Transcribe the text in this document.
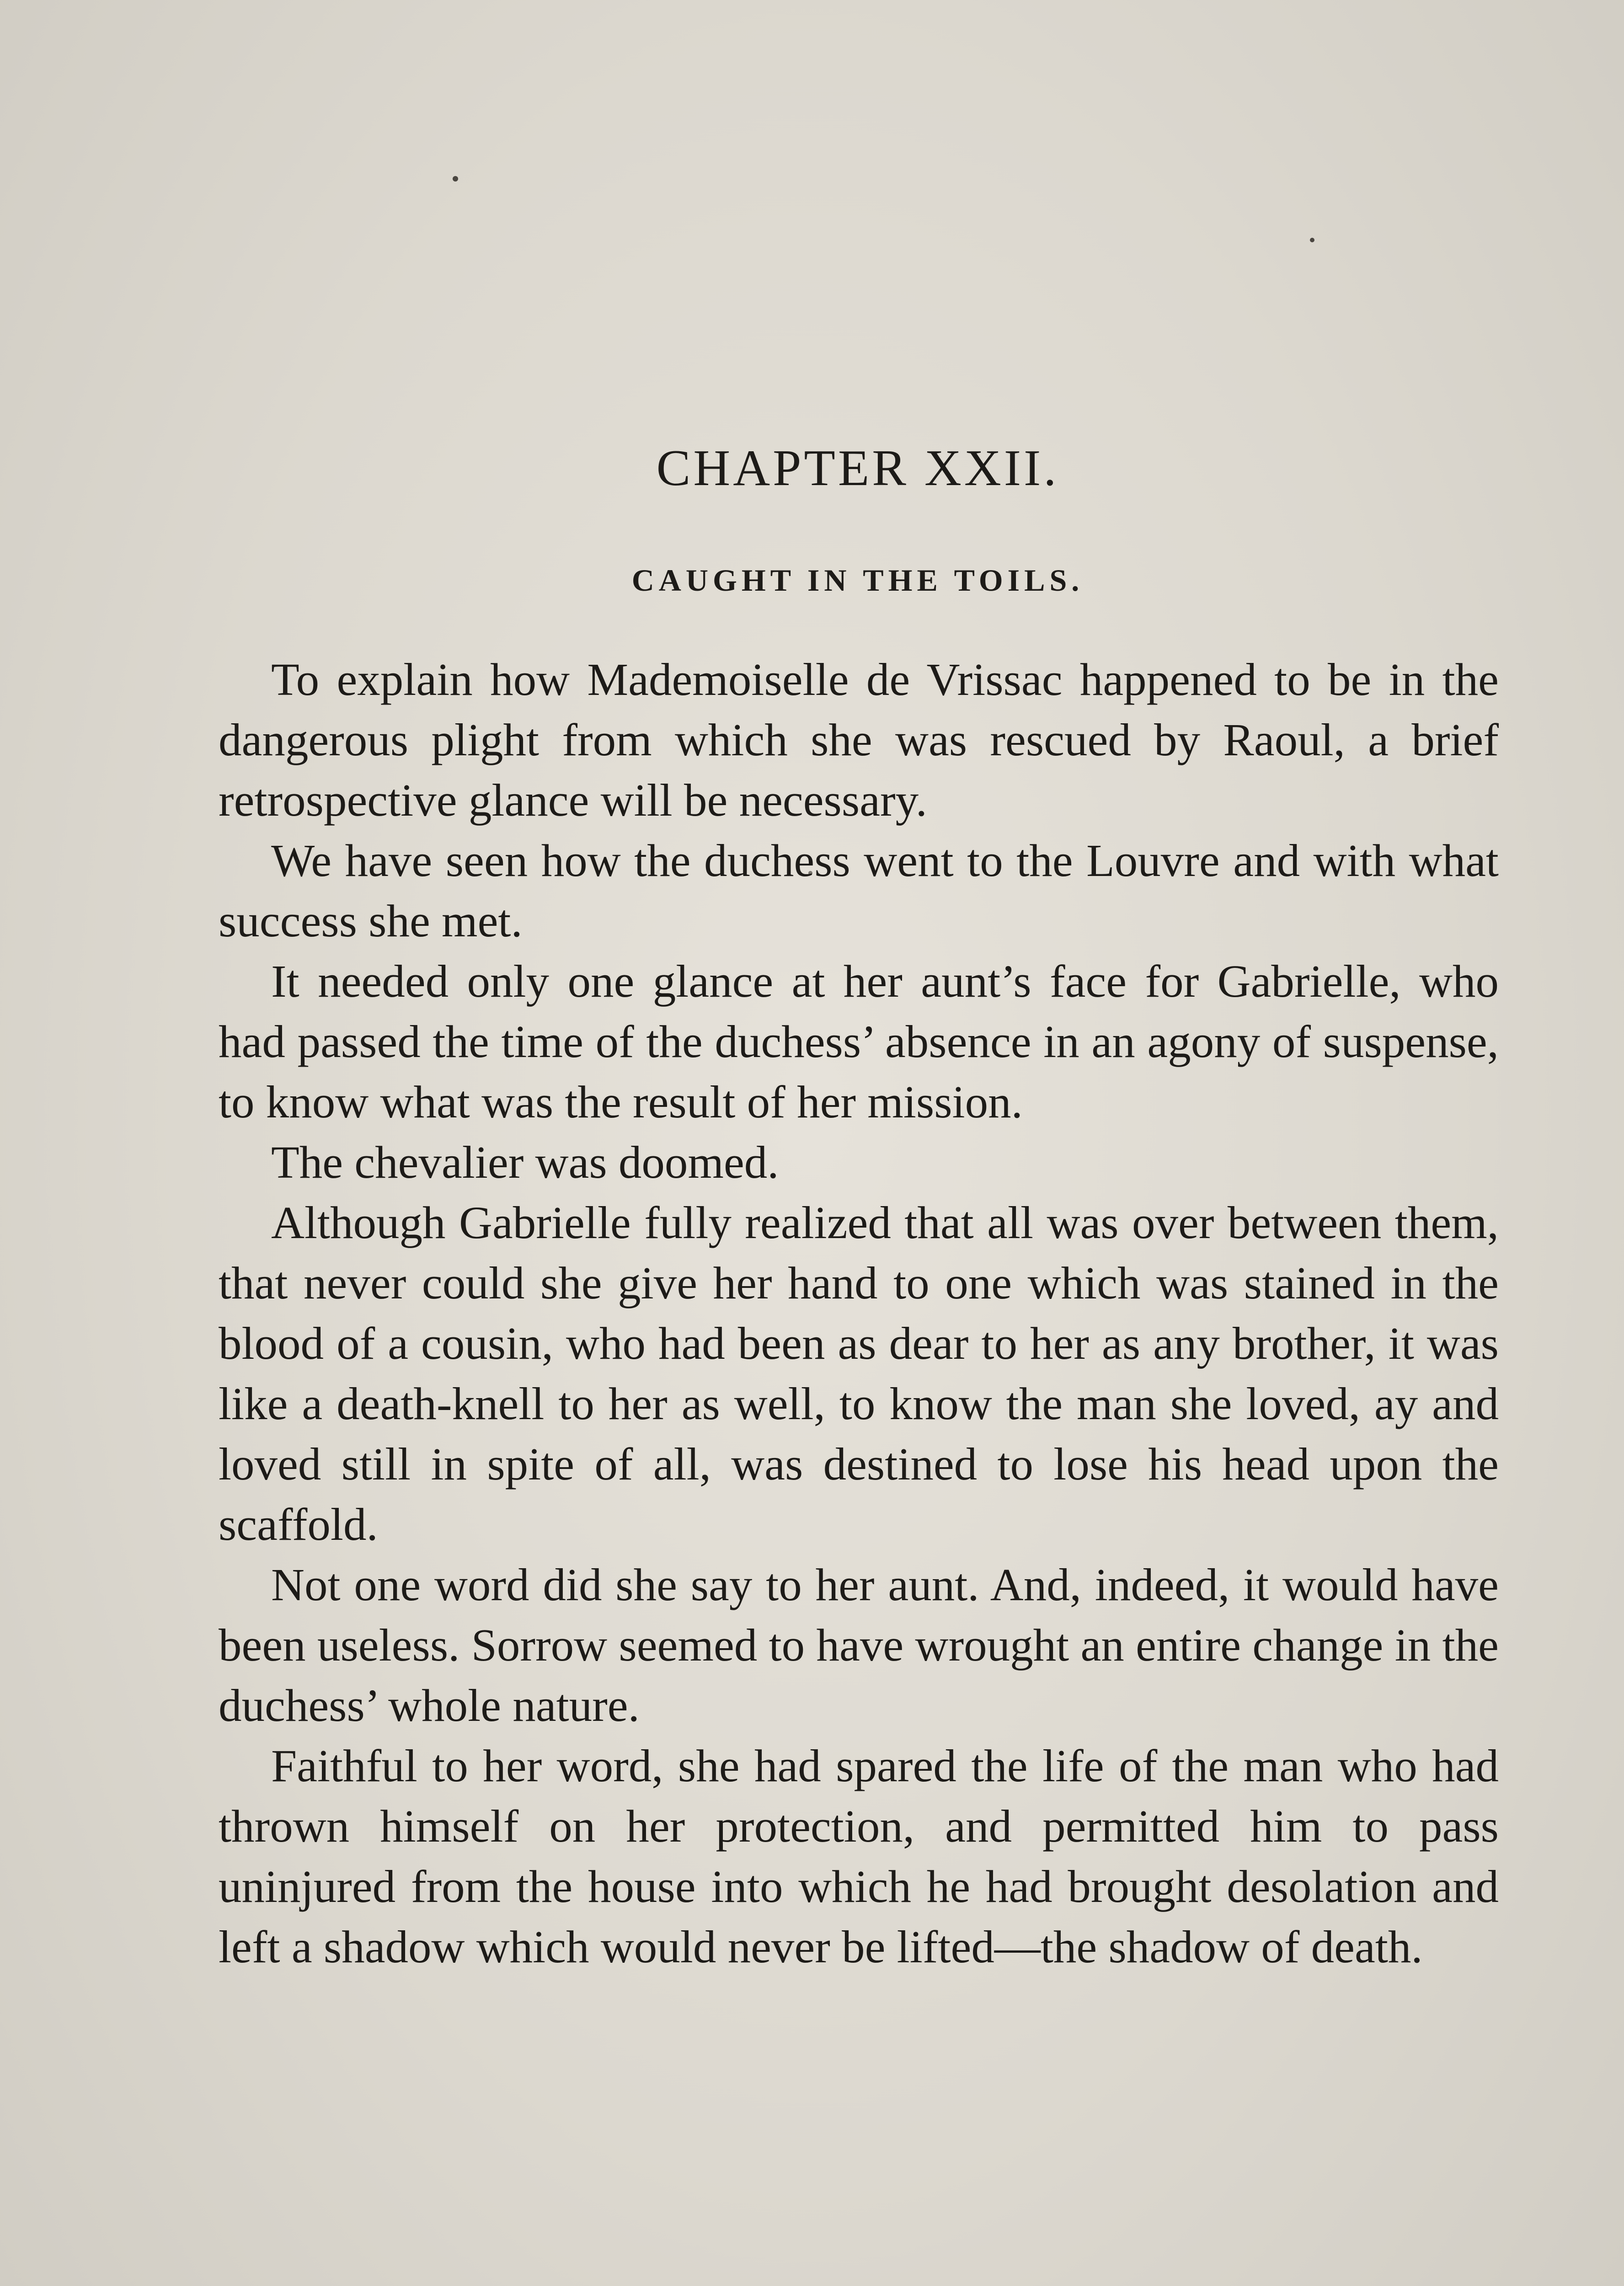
CHAPTER XXII.
CAUGHT IN THE TOILS.

To explain how Mademoiselle de Vrissac happened to be in the dangerous plight from which she was rescued by Raoul, a brief retrospective glance will be necessary.

We have seen how the duchess went to the Louvre and with what success she met.

It needed only one glance at her aunt’s face for Gabrielle, who had passed the time of the duchess’ absence in an agony of suspense, to know what was the result of her mission.

The chevalier was doomed.

Although Gabrielle fully realized that all was over between them, that never could she give her hand to one which was stained in the blood of a cousin, who had been as dear to her as any brother, it was like a death-knell to her as well, to know the man she loved, ay and loved still in spite of all, was destined to lose his head upon the scaffold.

Not one word did she say to her aunt. And, indeed, it would have been useless. Sorrow seemed to have wrought an entire change in the duchess’ whole nature.

Faithful to her word, she had spared the life of the man who had thrown himself on her protection, and permitted him to pass uninjured from the house into which he had brought desolation and left a shadow which would never be lifted—the shadow of death.
